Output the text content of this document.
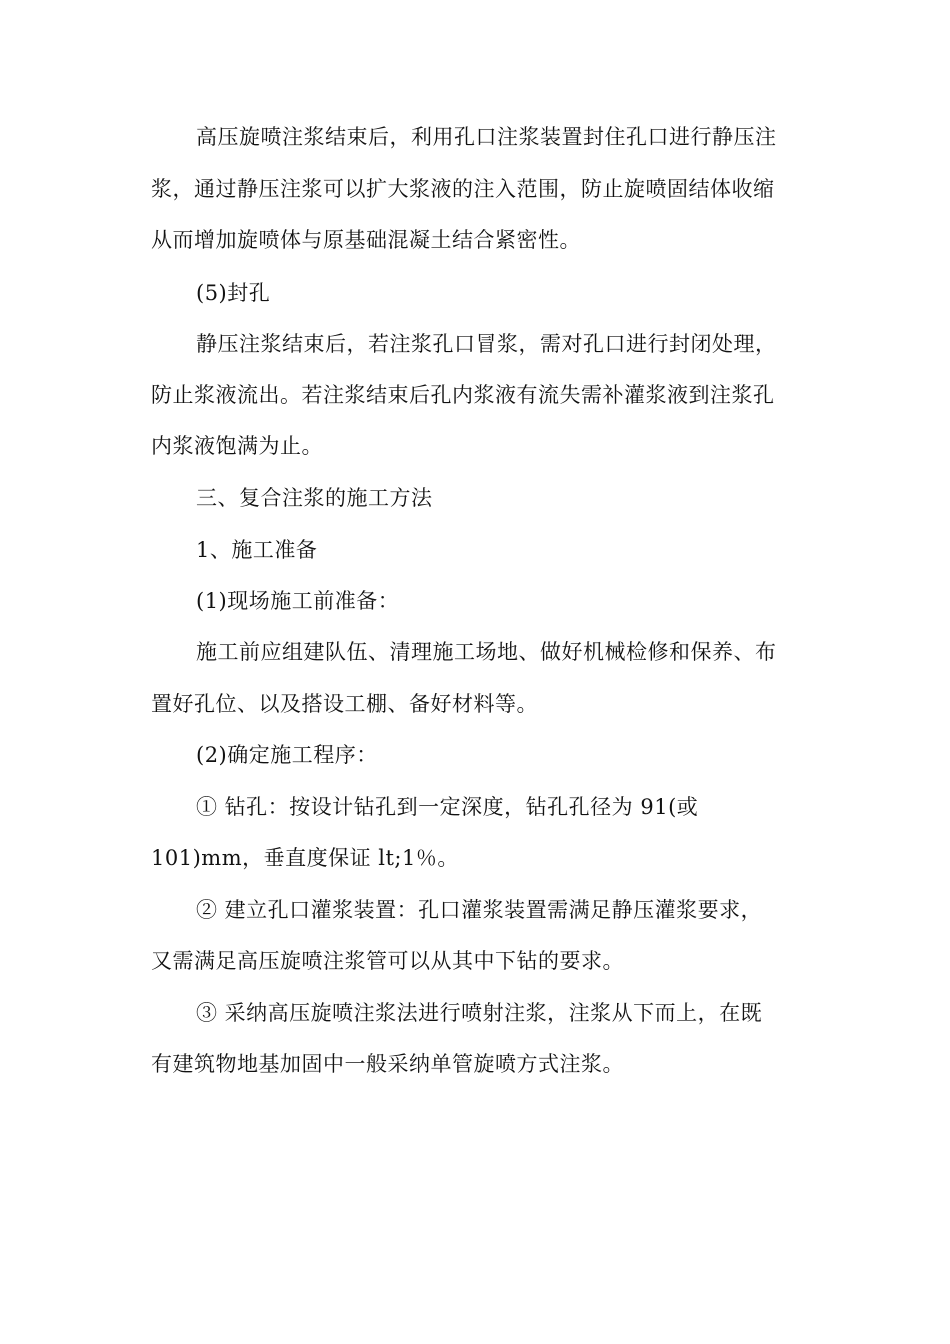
高压旋喷注浆结束后，利用孔口注浆装置封住孔口进行静压注
浆，通过静压注浆可以扩大浆液的注入范围，防止旋喷固结体收缩
从而增加旋喷体与原基础混凝土结合紧密性。
(5)封孔
静压注浆结束后，若注浆孔口冒浆，需对孔口进行封闭处理，
防止浆液流出。若注浆结束后孔内浆液有流失需补灌浆液到注浆孔
内浆液饱满为止。
三、复合注浆的施工方法
1、施工准备
(1)现场施工前准备：
施工前应组建队伍、清理施工场地、做好机械检修和保养、布
置好孔位、以及搭设工棚、备好材料等。
(2)确定施工程序：
① 钻孔：按设计钻孔到一定深度，钻孔孔径为 91(或
101)mm，垂直度保证 lt;1％。
② 建立孔口灌浆装置：孔口灌浆装置需满足静压灌浆要求，
又需满足高压旋喷注浆管可以从其中下钻的要求。
③ 采纳高压旋喷注浆法进行喷射注浆，注浆从下而上，在既
有建筑物地基加固中一般采纳单管旋喷方式注浆。
